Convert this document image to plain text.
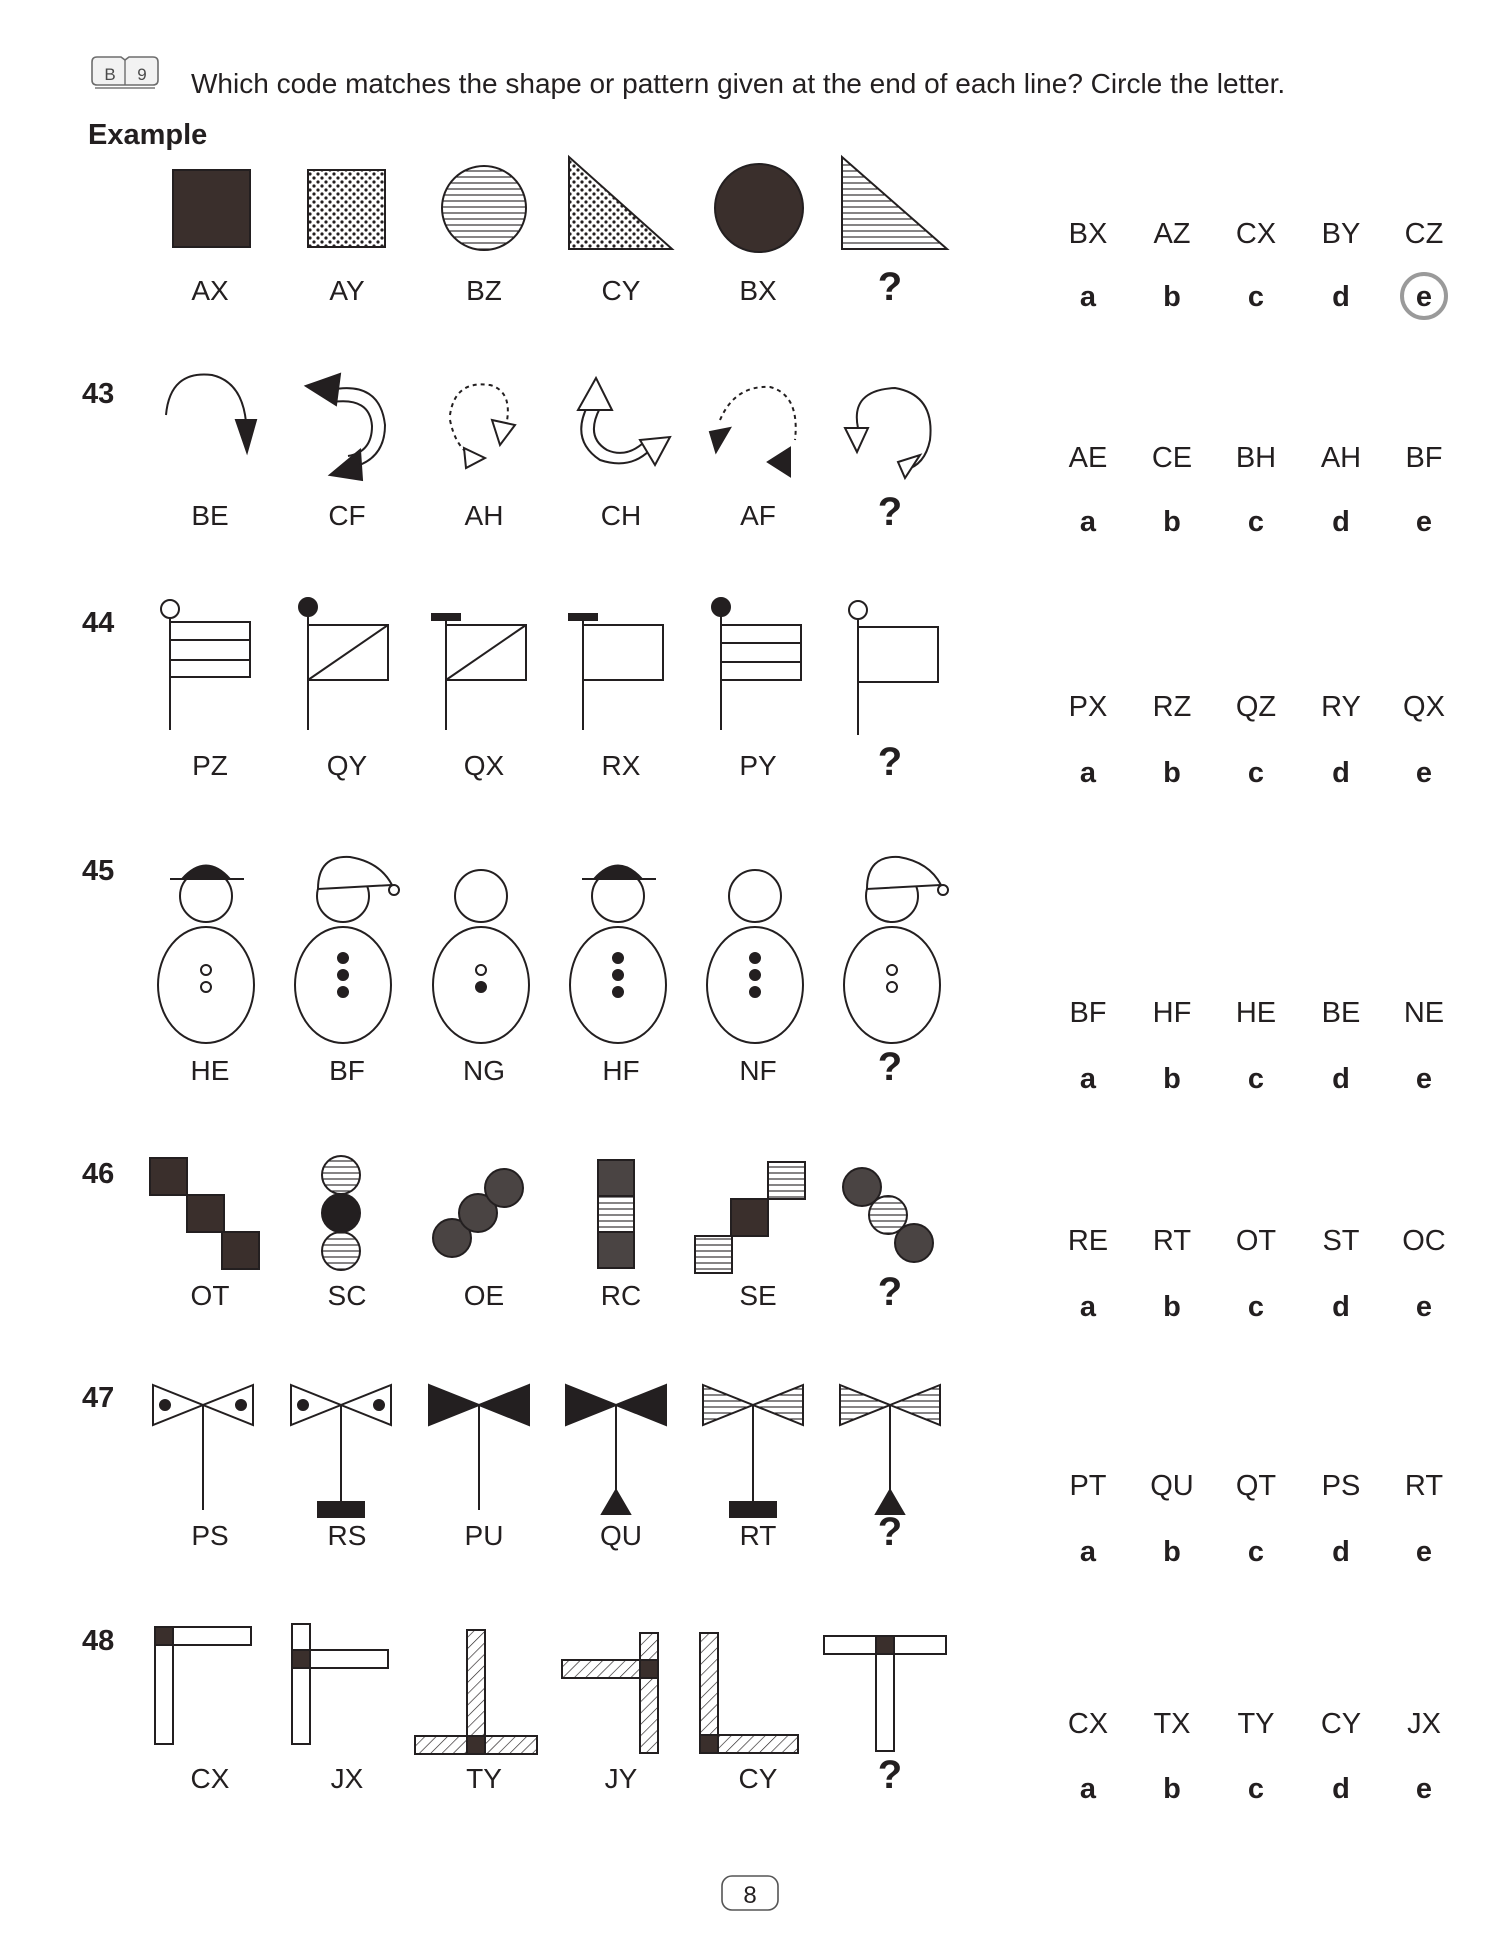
B 9 Which code matches the shape or pattern given at the end of each line? Circle the letter.
Example
AX	AY	BZ	CY	BX	?
BX AZ CX BY CZ
a b c d e
43
BE	CF	AH	CH	AF	?
AE CE BH AH BF
a b c d e
44
PZ	QY	QX	RX	PY	?
PX RZ QZ RY QX
a b c d e
45
HE	BF	NG	HF	NF	?
BF HF HE BE NE
a b c d e
46
OT	SC	OE	RC	SE	?
RE RT OT ST OC
a b c d e
47
PS	RS	PU	QU	RT	?
PT QU QT PS RT
a b c d e
48
CX	JX	TY	JY	CY	?
CX TX TY CY JX
a b c d e
8
